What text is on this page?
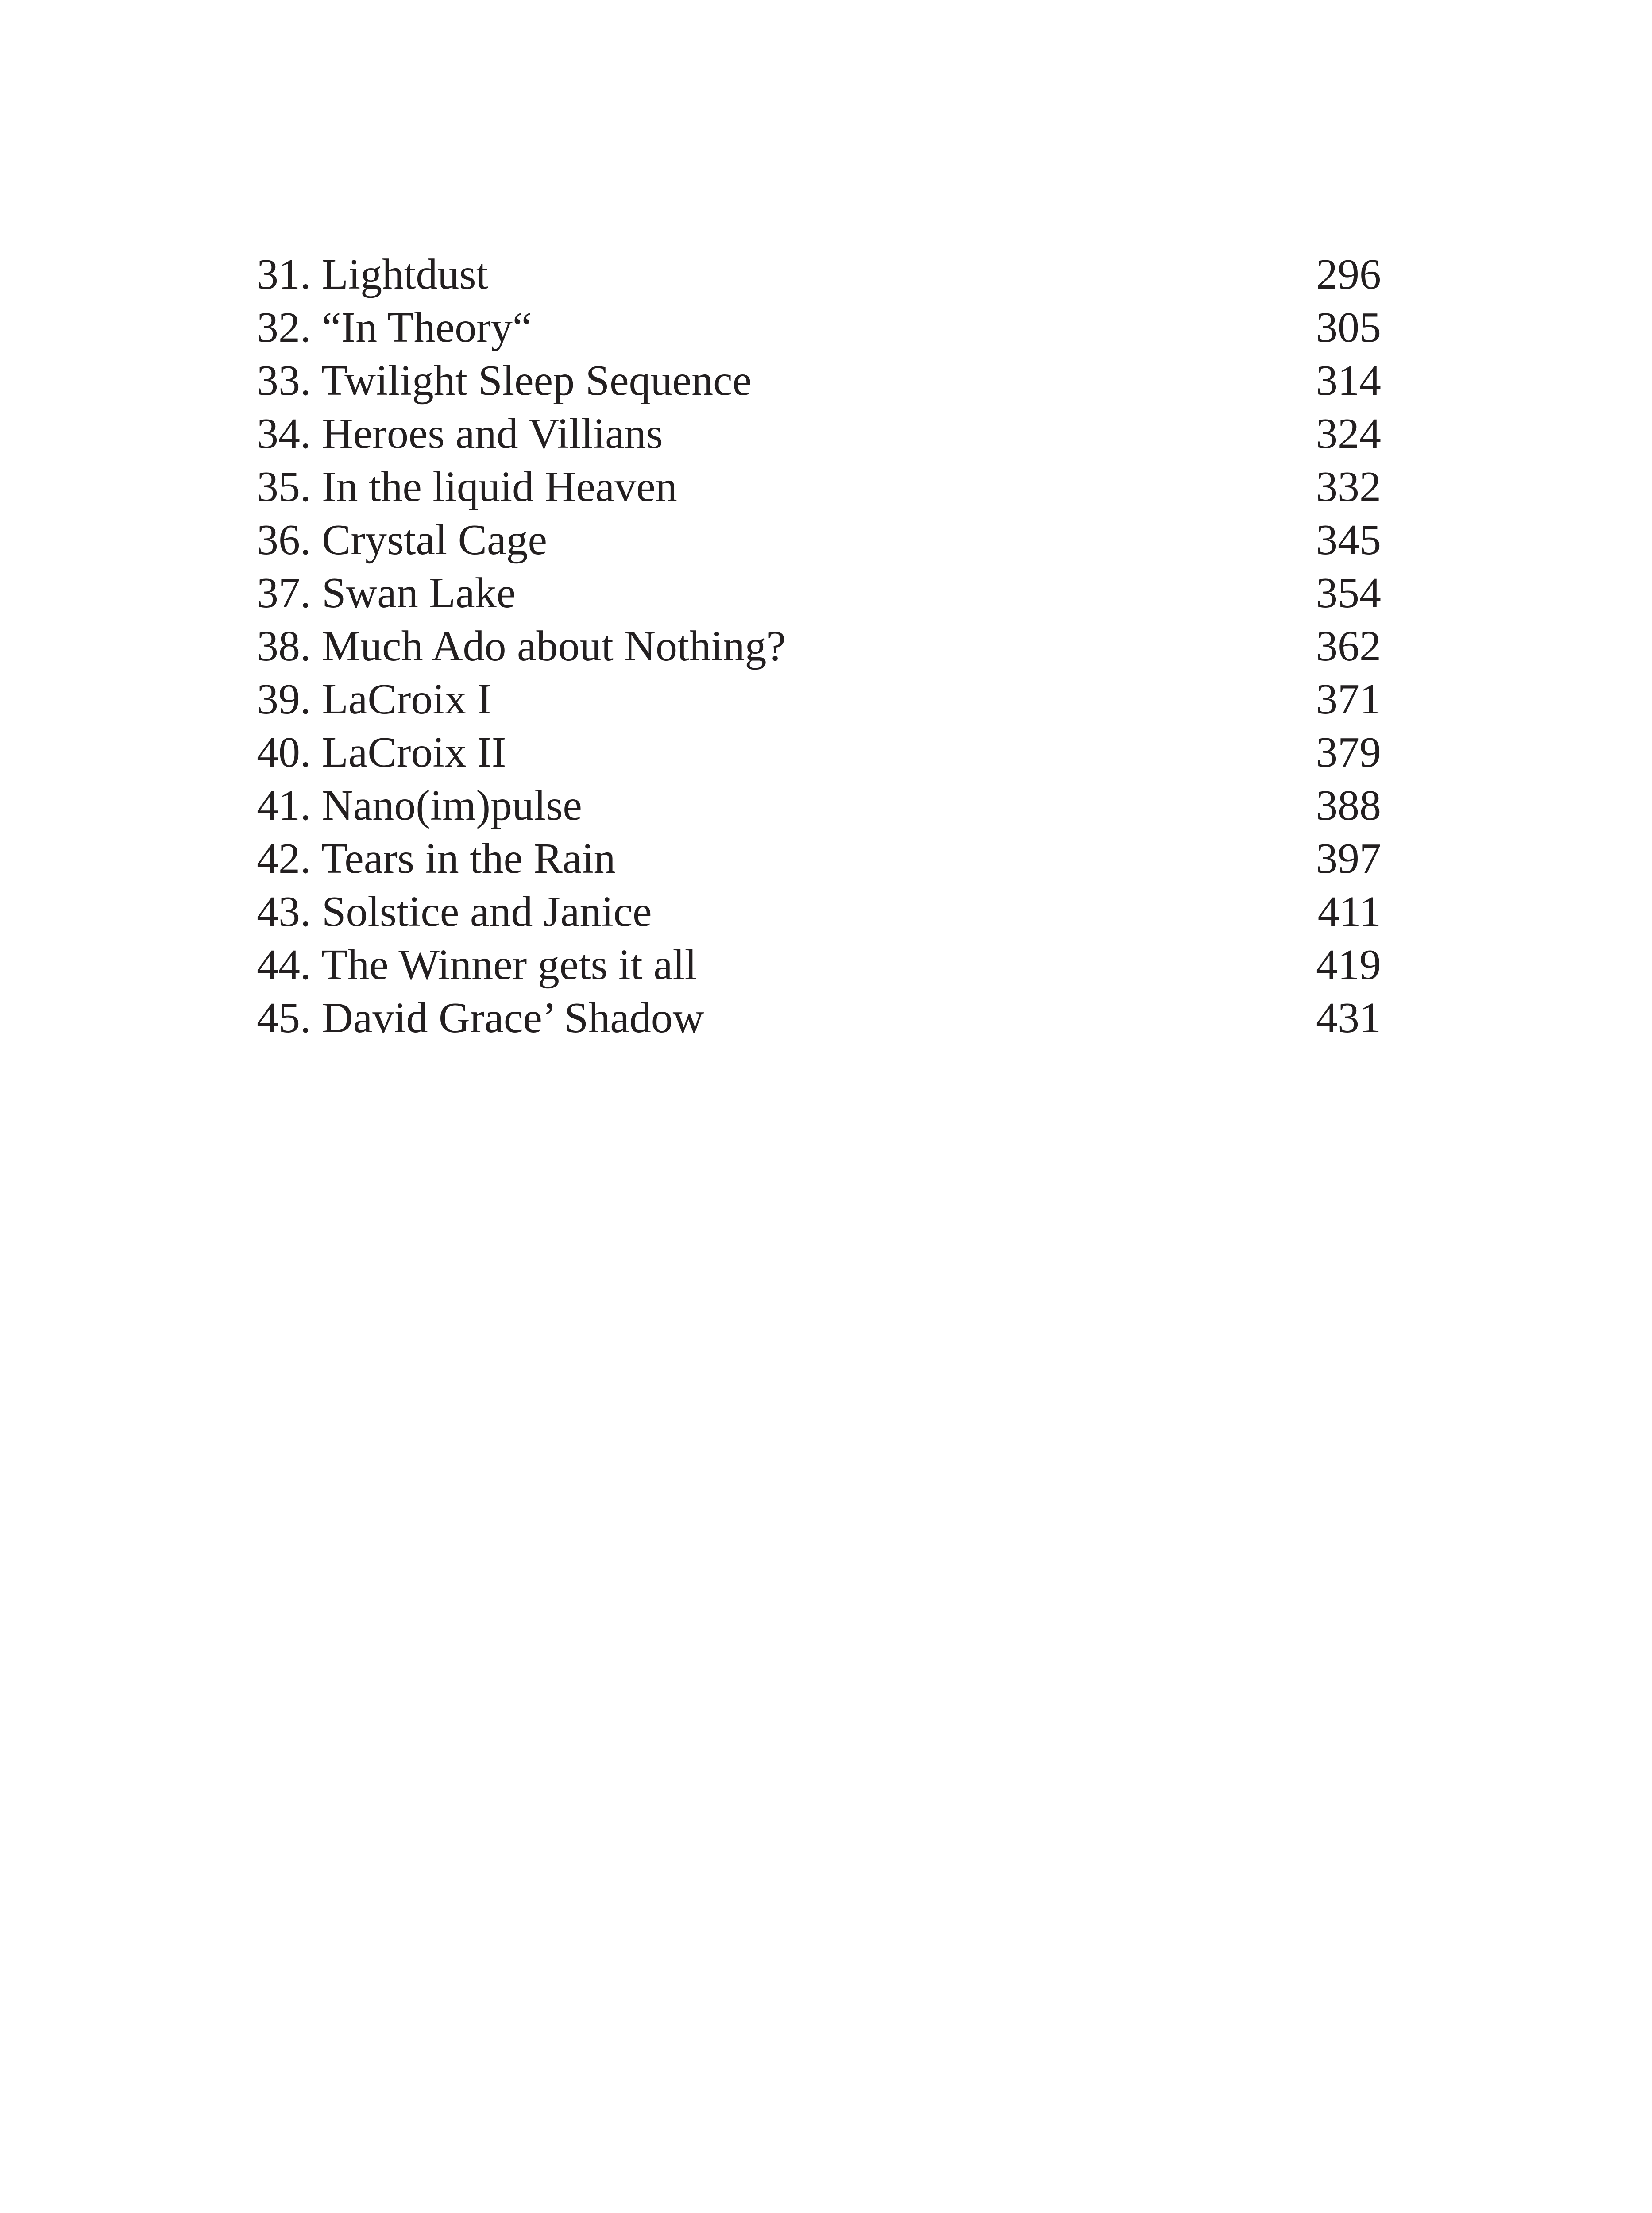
31. Lightdust	296
32. “In Theory“	305
33. Twilight Sleep Sequence	314
34. Heroes and Villians	324
35. In the liquid Heaven	332
36. Crystal Cage	345
37. Swan Lake	354
38. Much Ado about Nothing?	362
39. LaCroix I	371
40. LaCroix II	379
41. Nano(im)pulse	388
42. Tears in the Rain	397
43. Solstice and Janice	411
44. The Winner gets it all	419
45. David Grace’ Shadow	431
